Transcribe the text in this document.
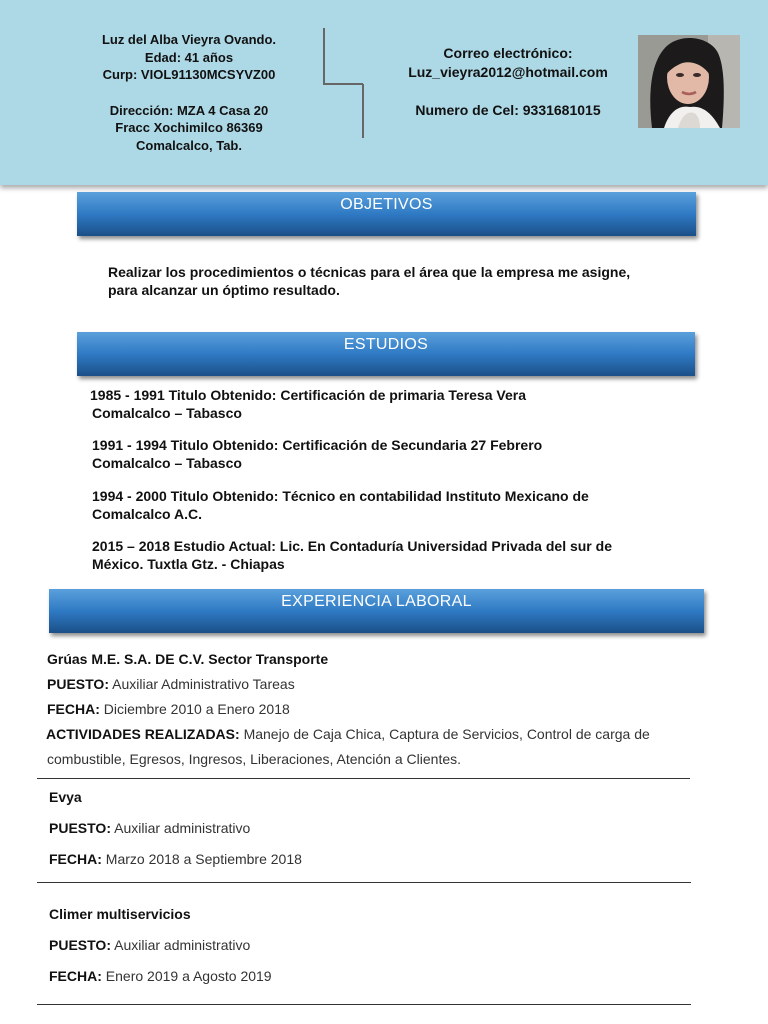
Luz del Alba Vieyra Ovando.
Edad: 41 años
Curp: VIOL91130MCSYVZ00
Dirección: MZA 4 Casa 20
Fracc Xochimilco 86369
Comalcalco, Tab.
Correo electrónico:
Luz_vieyra2012@hotmail.com
Numero de Cel: 9331681015
OBJETIVOS
Realizar los procedimientos o técnicas para el área que la empresa me asigne,
para alcanzar un óptimo resultado.
ESTUDIOS
1985 - 1991 Titulo Obtenido: Certificación de primaria Teresa Vera
Comalcalco – Tabasco
1991 - 1994 Titulo Obtenido: Certificación de Secundaria 27 Febrero
Comalcalco – Tabasco
1994 - 2000 Titulo Obtenido: Técnico en contabilidad Instituto Mexicano de
Comalcalco A.C.
2015 – 2018 Estudio Actual: Lic. En Contaduría Universidad Privada del sur de
México. Tuxtla Gtz. - Chiapas
EXPERIENCIA LABORAL
Grúas M.E. S.A. DE C.V. Sector Transporte
PUESTO: Auxiliar Administrativo Tareas
FECHA: Diciembre 2010 a Enero 2018
ACTIVIDADES REALIZADAS: Manejo de Caja Chica, Captura de Servicios, Control de carga de
combustible, Egresos, Ingresos, Liberaciones, Atención a Clientes.
Evya
PUESTO: Auxiliar administrativo
FECHA: Marzo 2018 a Septiembre 2018
Climer multiservicios
PUESTO: Auxiliar administrativo
FECHA: Enero 2019 a Agosto 2019
